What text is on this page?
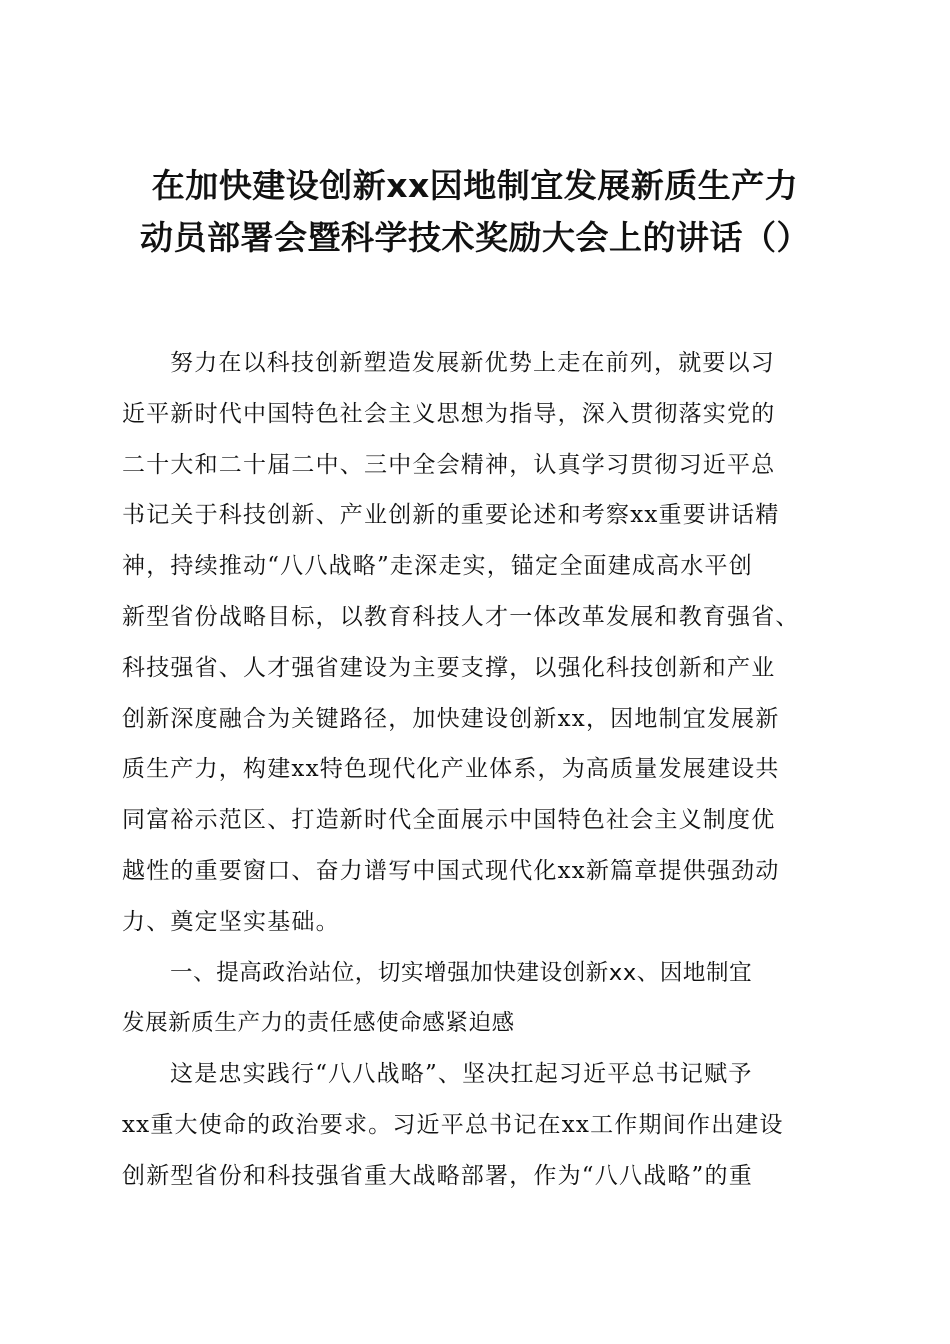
在加快建设创新xx因地制宜发展新质生产力
动员部署会暨科学技术奖励大会上的讲话（）
努力在以科技创新塑造发展新优势上走在前列，就要以习
近平新时代中国特色社会主义思想为指导，深入贯彻落实党的
二十大和二十届二中、三中全会精神，认真学习贯彻习近平总
书记关于科技创新、产业创新的重要论述和考察xx重要讲话精
神，持续推动“八八战略”走深走实，锚定全面建成高水平创
新型省份战略目标，以教育科技人才一体改革发展和教育强省、
科技强省、人才强省建设为主要支撑，以强化科技创新和产业
创新深度融合为关键路径，加快建设创新xx，因地制宜发展新
质生产力，构建xx特色现代化产业体系，为高质量发展建设共
同富裕示范区、打造新时代全面展示中国特色社会主义制度优
越性的重要窗口、奋力谱写中国式现代化xx新篇章提供强劲动
力、奠定坚实基础。
一、提高政治站位，切实增强加快建设创新xx、因地制宜
发展新质生产力的责任感使命感紧迫感
这是忠实践行“八八战略”、坚决扛起习近平总书记赋予
xx重大使命的政治要求。习近平总书记在xx工作期间作出建设
创新型省份和科技强省重大战略部署，作为“八八战略”的重
